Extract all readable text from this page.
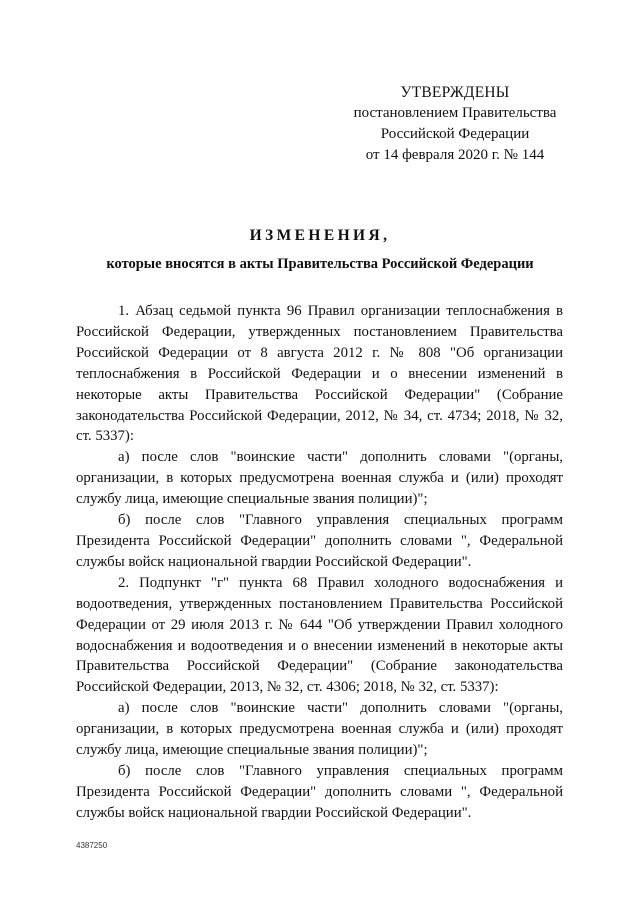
УТВЕРЖДЕНЫ
постановлением Правительства
Российской Федерации
от 14 февраля 2020 г. № 144
ИЗМЕНЕНИЯ,
которые вносятся в акты Правительства Российской Федерации

1. Абзац седьмой пункта 96 Правил организации теплоснабжения в Российской Федерации, утвержденных постановлением Правительства Российской Федерации от 8 августа 2012 г. № 808 "Об организации теплоснабжения в Российской Федерации и о внесении изменений в некоторые акты Правительства Российской Федерации" (Собрание законодательства Российской Федерации, 2012, № 34, ст. 4734; 2018, № 32, ст. 5337):

а) после слов "воинские части" дополнить словами "(органы, организации, в которых предусмотрена военная служба и (или) проходят службу лица, имеющие специальные звания полиции)";

б) после слов "Главного управления специальных программ Президента Российской Федерации" дополнить словами ", Федеральной службы войск национальной гвардии Российской Федерации".

2. Подпункт "г" пункта 68 Правил холодного водоснабжения и водоотведения, утвержденных постановлением Правительства Российской Федерации от 29 июля 2013 г. № 644 "Об утверждении Правил холодного водоснабжения и водоотведения и о внесении изменений в некоторые акты Правительства Российской Федерации" (Собрание законодательства Российской Федерации, 2013, № 32, ст. 4306; 2018, № 32, ст. 5337):

а) после слов "воинские части" дополнить словами "(органы, организации, в которых предусмотрена военная служба и (или) проходят службу лица, имеющие специальные звания полиции)";

б) после слов "Главного управления специальных программ Президента Российской Федерации" дополнить словами ", Федеральной службы войск национальной гвардии Российской Федерации".

4387250
